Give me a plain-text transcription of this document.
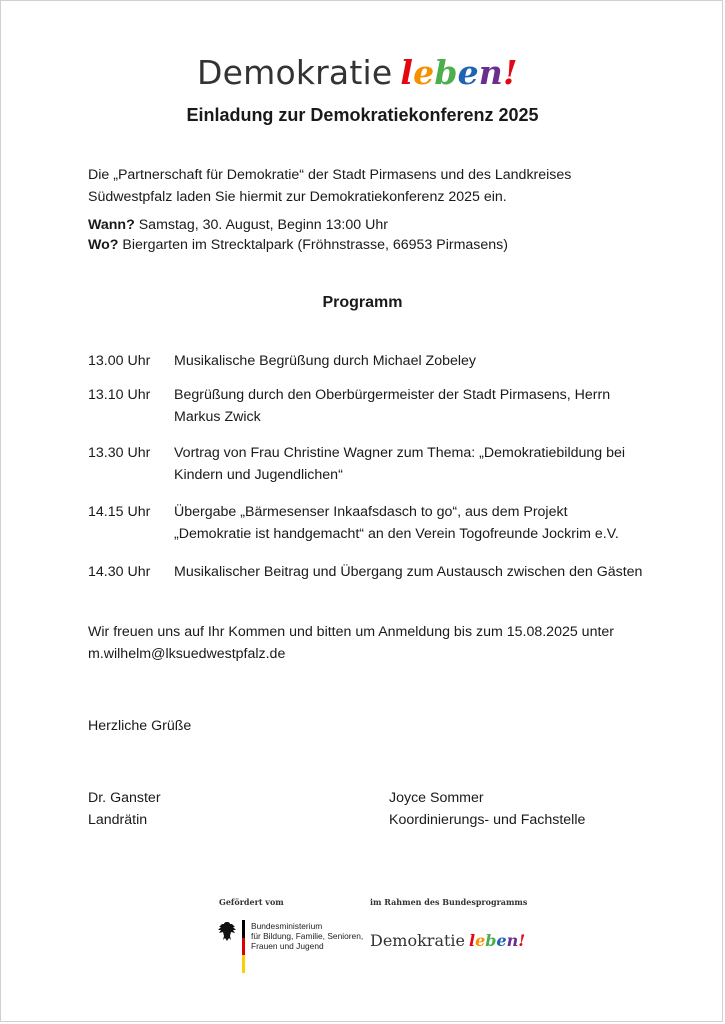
Demokratie leben!
Einladung zur Demokratiekonferenz 2025
Die „Partnerschaft für Demokratie“ der Stadt Pirmasens und des Landkreises Südwestpfalz laden Sie hiermit zur Demokratiekonferenz 2025 ein.
Wann? Samstag, 30. August, Beginn 13:00 Uhr
Wo? Biergarten im Strecktalpark (Fröhnstrasse, 66953 Pirmasens)
Programm
13.00 Uhr	Musikalische Begrüßung durch Michael Zobeley
13.10 Uhr	Begrüßung durch den Oberbürgermeister der Stadt Pirmasens, Herrn Markus Zwick
13.30 Uhr	Vortrag von Frau Christine Wagner zum Thema: „Demokratiebildung bei Kindern und Jugendlichen“
14.15 Uhr	Übergabe „Bärmesenser Inkaafsdasch to go“, aus dem Projekt „Demokratie ist handgemacht“ an den Verein Togofreunde Jockrim e.V.
14.30 Uhr	Musikalischer Beitrag und Übergang zum Austausch zwischen den Gästen
Wir freuen uns auf Ihr Kommen und bitten um Anmeldung bis zum 15.08.2025 unter m.wilhelm@lksuedwestpfalz.de
Herzliche Grüße
Dr. Ganster
Landrätin
Joyce Sommer
Koordinierungs- und Fachstelle
Gefördert vom	im Rahmen des Bundesprogramms
Bundesministerium
für Bildung, Familie, Senioren,
Frauen und Jugend	Demokratie leben!
